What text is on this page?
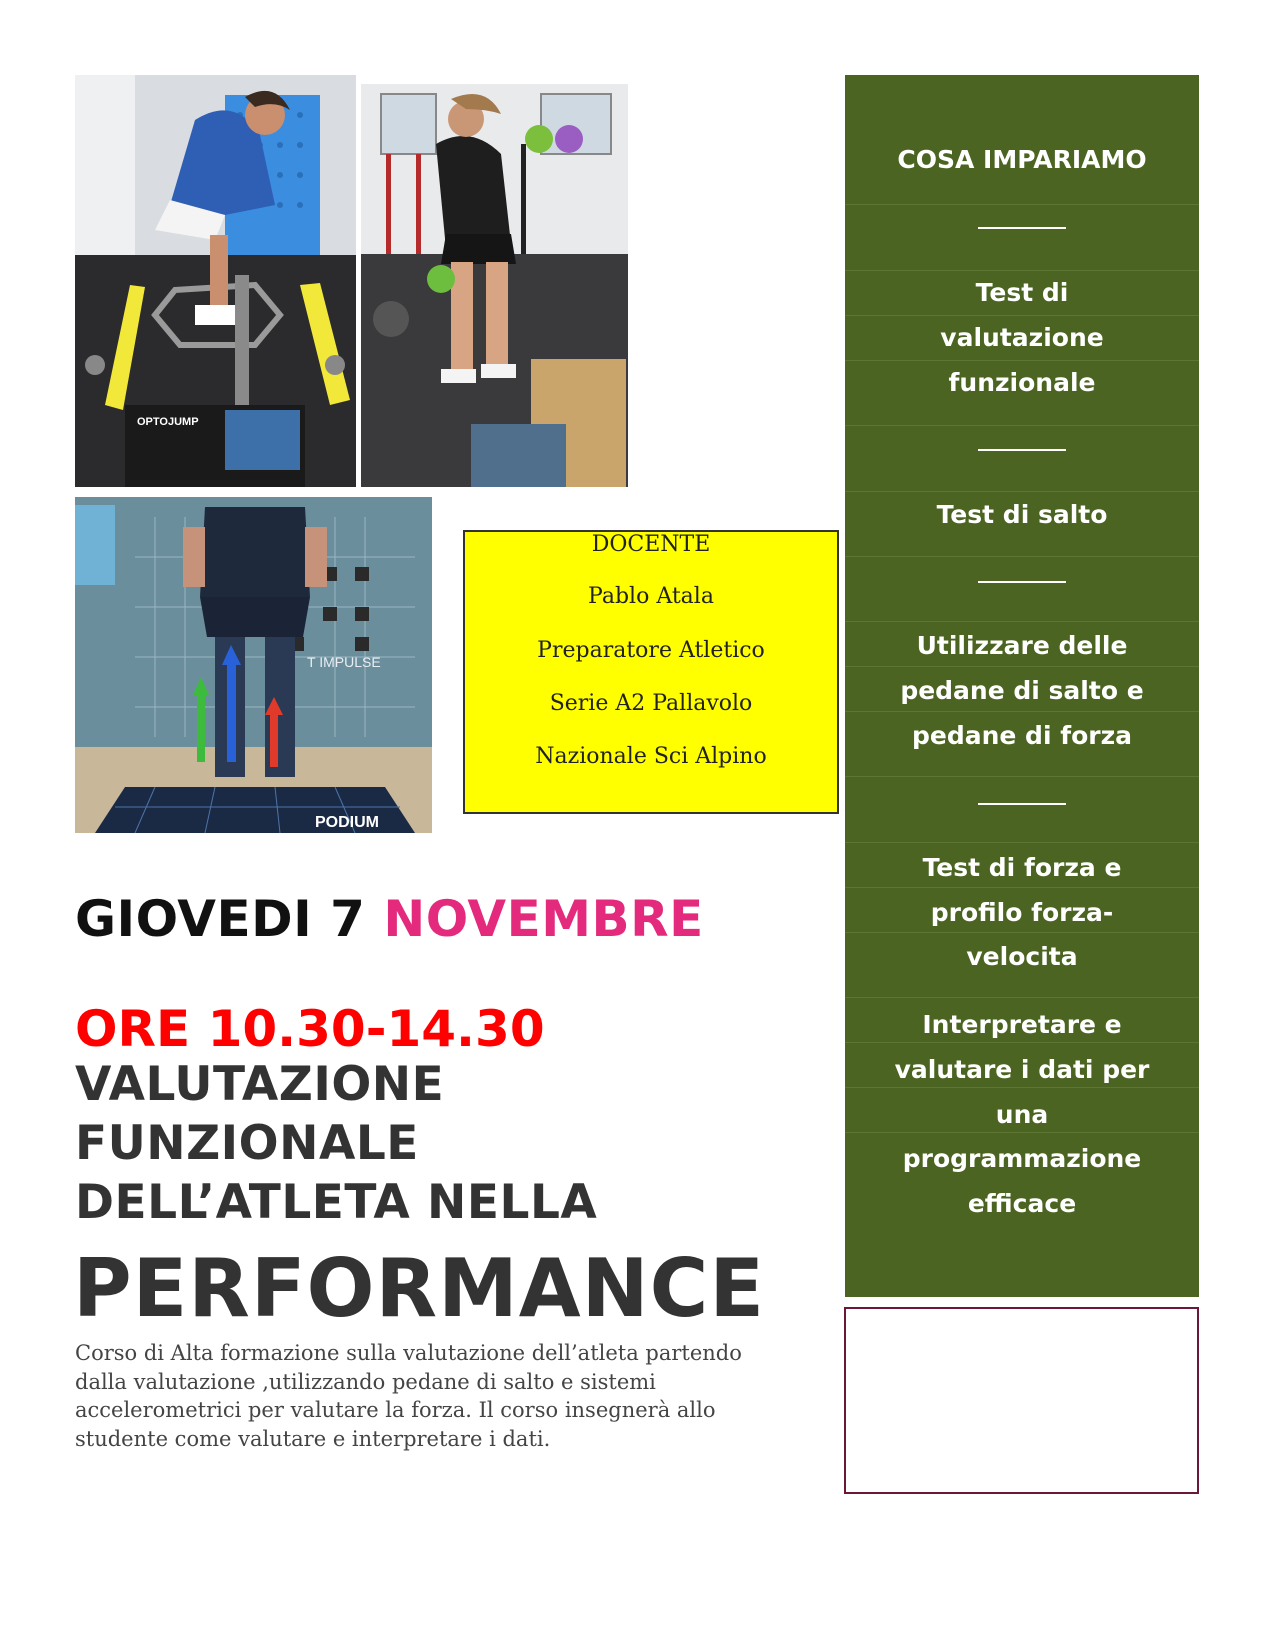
OPTOJUMP
T IMPULSE
PODIUM
DOCENTE
Pablo Atala
Preparatore Atletico
Serie A2 Pallavolo
Nazionale Sci Alpino
GIOVEDI 7 NOVEMBRE
ORE 10.30-14.30
VALUTAZIONE
FUNZIONALE
DELL’ATLETA NELLA
PERFORMANCE
Corso di Alta formazione sulla valutazione dell’atleta partendo dalla valutazione ,utilizzando pedane di salto e sistemi accelerometrici per valutare la forza. Il corso insegnerà allo studente come valutare e interpretare i dati.
COSA IMPARIAMO
Test di
valutazione
funzionale
Test di salto
Utilizzare delle
pedane di salto e
pedane di forza
Test di forza e
profilo forza-
velocita
Interpretare e
valutare i dati per
una
programmazione
efficace
